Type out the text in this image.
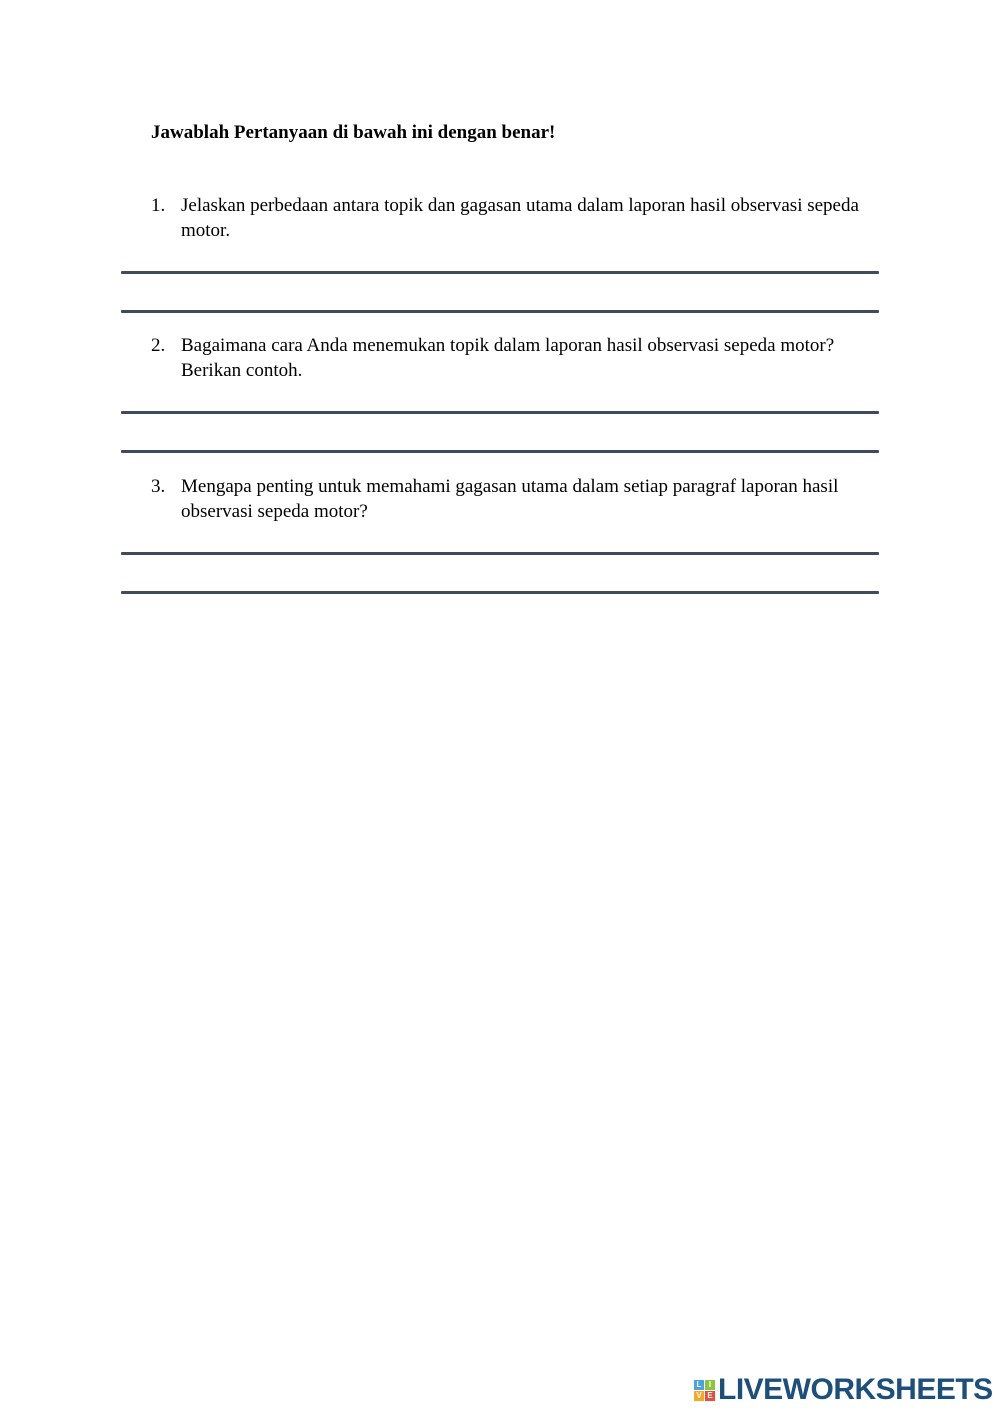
Jawablah Pertanyaan di bawah ini dengan benar!

1. Jelaskan perbedaan antara topik dan gagasan utama dalam laporan hasil observasi sepeda motor.
2. Bagaimana cara Anda menemukan topik dalam laporan hasil observasi sepeda motor? Berikan contoh.
3. Mengapa penting untuk memahami gagasan utama dalam setiap paragraf laporan hasil observasi sepeda motor?
L I
V E LIVEWORKSHEETS
